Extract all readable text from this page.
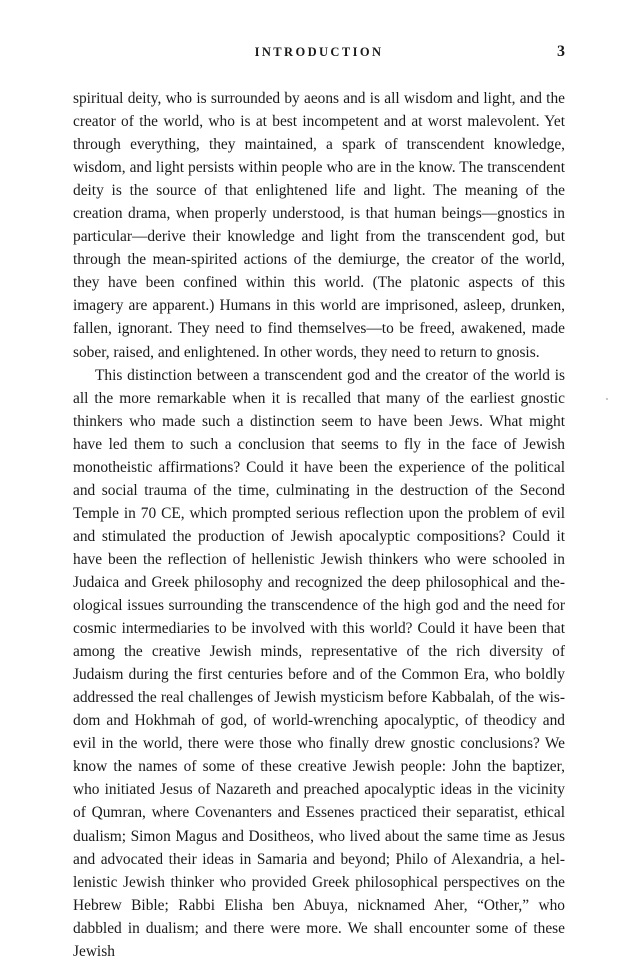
INTRODUCTION	3

spiritual deity, who is surrounded by aeons and is all wisdom and light, and the creator of the world, who is at best incompetent and at worst malevolent. Yet through everything, they maintained, a spark of transcendent knowledge, wisdom, and light persists within people who are in the know. The transcendent deity is the source of that enlightened life and light. The meaning of the creation drama, when properly understood, is that human beings—gnostics in particular—derive their knowledge and light from the transcendent god, but through the mean-spirited actions of the demiurge, the creator of the world, they have been confined within this world. (The platonic aspects of this imagery are apparent.) Humans in this world are imprisoned, asleep, drunken, fallen, ignorant. They need to find themselves—to be freed, awakened, made sober, raised, and enlightened. In other words, they need to return to gnosis.

This distinction between a transcendent god and the creator of the world is all the more remarkable when it is recalled that many of the earliest gnostic thinkers who made such a distinction seem to have been Jews. What might have led them to such a conclusion that seems to fly in the face of Jewish monotheistic affirmations? Could it have been the experience of the political and social trauma of the time, culminating in the destruction of the Second Temple in 70 CE, which prompted serious reflection upon the problem of evil and stimulated the production of Jewish apocalyptic compositions? Could it have been the reflection of hellenistic Jewish thinkers who were schooled in Judaica and Greek philosophy and recognized the deep philosophical and theological issues surrounding the transcendence of the high god and the need for cosmic intermediaries to be involved with this world? Could it have been that among the creative Jewish minds, representative of the rich diversity of Judaism during the first centuries before and of the Common Era, who boldly addressed the real challenges of Jewish mysticism before Kabbalah, of the wisdom and Hokhmah of god, of world-wrenching apocalyptic, of theodicy and evil in the world, there were those who finally drew gnostic conclusions? We know the names of some of these creative Jewish people: John the baptizer, who initiated Jesus of Nazareth and preached apocalyptic ideas in the vicinity of Qumran, where Covenanters and Essenes practiced their separatist, ethical dualism; Simon Magus and Dositheos, who lived about the same time as Jesus and advocated their ideas in Samaria and beyond; Philo of Alexandria, a hellenistic Jewish thinker who provided Greek philosophical perspectives on the Hebrew Bible; Rabbi Elisha ben Abuya, nicknamed Aher, “Other,” who dabbled in dualism; and there were more. We shall encounter some of these Jewish
